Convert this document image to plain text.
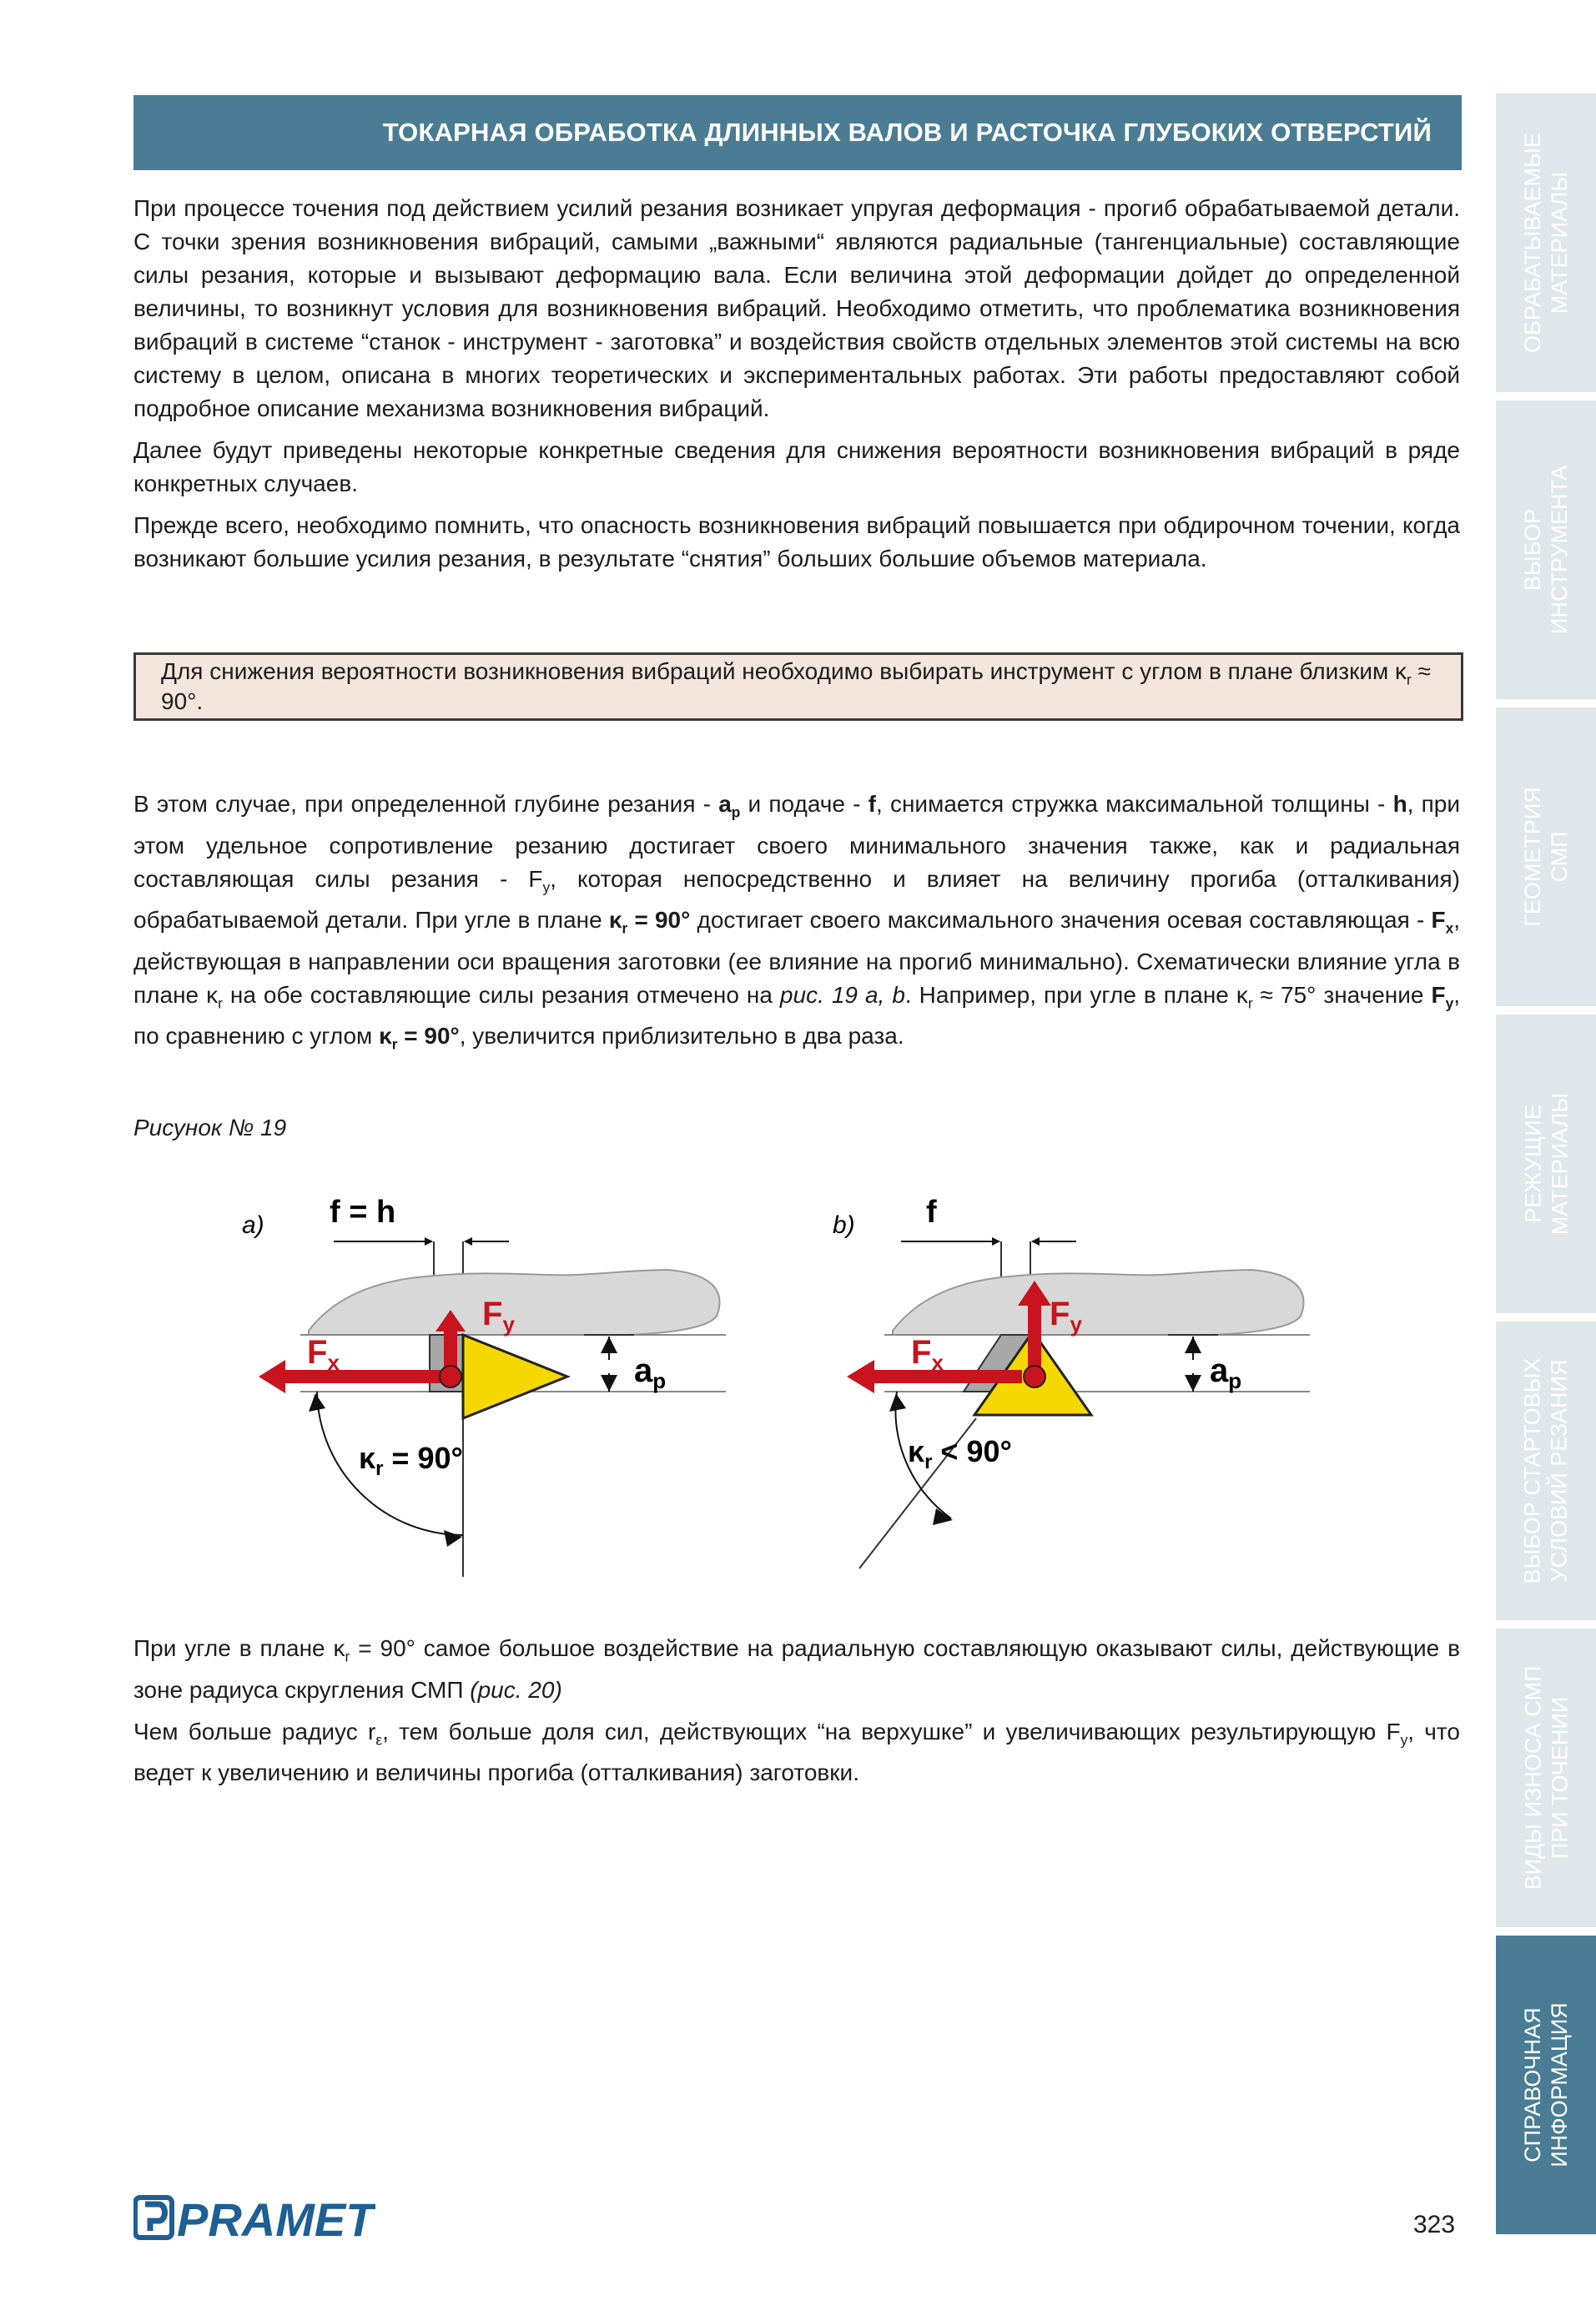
ТОКАРНАЯ ОБРАБОТКА ДЛИННЫХ ВАЛОВ И РАСТОЧКА ГЛУБОКИХ ОТВЕРСТИЙ

При процессе точения под действием усилий резания возникает упругая деформация - прогиб обрабатываемой детали. С точки зрения возникновения вибраций, самыми „важными“ являются радиальные (тангенциальные) составляющие силы резания, которые и вызывают деформацию вала. Если величина этой деформации дойдет до определенной величины, то возникнут условия для возникновения вибраций. Необходимо отметить, что проблематика возникновения вибраций в системе “станок - инструмент - заготовка” и воздействия свойств отдельных элементов этой системы на всю систему в целом, описана в многих теоретических и экспериментальных работах. Эти работы предоставляют собой подробное описание механизма возникновения вибраций.

Далее будут приведены некоторые конкретные сведения для снижения вероятности возникновения вибраций в ряде конкретных случаев.

Прежде всего, необходимо помнить, что опасность возникновения вибраций повышается при обдирочном точении, когда возникают большие усилия резания, в результате “снятия” больших большие объемов материала.

Для снижения вероятности возникновения вибраций необходимо выбирать инструмент с углом в плане близким $\kappa_r \approx 90^\circ$.

В этом случае, при определенной глубине резания - $a_p$ и подаче - f, снимается стружка максимальной толщины - h, при этом удельное сопротивление резанию достигает своего минимального значения также, как и радиальная составляющая силы резания - $F_y$, которая непосредственно и влияет на величину прогиба (отталкивания) обрабатываемой детали. При угле в плане $\kappa_r = 90^\circ$ достигает своего максимального значения осевая составляющая - $F_x$, действующая в направлении оси вращения заготовки (ее влияние на прогиб минимально). Схематически влияние угла в плане $\kappa_r$ на обе составляющие силы резания отмечено на рис. 19 a, b. Например, при угле в плане $\kappa_r \approx 75^\circ$ значение $F_y$, по сравнению с углом $\kappa_r = 90^\circ$, увеличится приблизительно в два раза.

Рисунок № 19
a) f = h
$F_x$
$F_y$
$a_p$
$\kappa_r = 90^\circ$
b) f
$F_x$
$F_y$
$a_p$
$\kappa_r < 90^\circ$

При угле в плане $\kappa_r = 90^\circ$ самое большое воздействие на радиальную составляющую оказывают силы, действующие в зоне радиуса скругления СМП (рис. 20)

Чем больше радиус $r_\varepsilon$, тем больше доля сил, действующих “на верхушке” и увеличивающих результирующую $F_y$, что ведет к увеличению и величины прогиба (отталкивания) заготовки.

ОБРАБАТЫВАЕМЫЕ МАТЕРИАЛЫ
ВЫБОР ИНСТРУМЕНТА
ГЕОМЕТРИЯ СМП
РЕЖУЩИЕ МАТЕРИАЛЫ
ВЫБОР СТАРТОВЫХ УСЛОВИЙ РЕЗАНИЯ
ВИДЫ ИЗНОСА СМП ПРИ ТОЧЕНИИ
СПРАВОЧНАЯ ИНФОРМАЦИЯ
PRAMET	323
